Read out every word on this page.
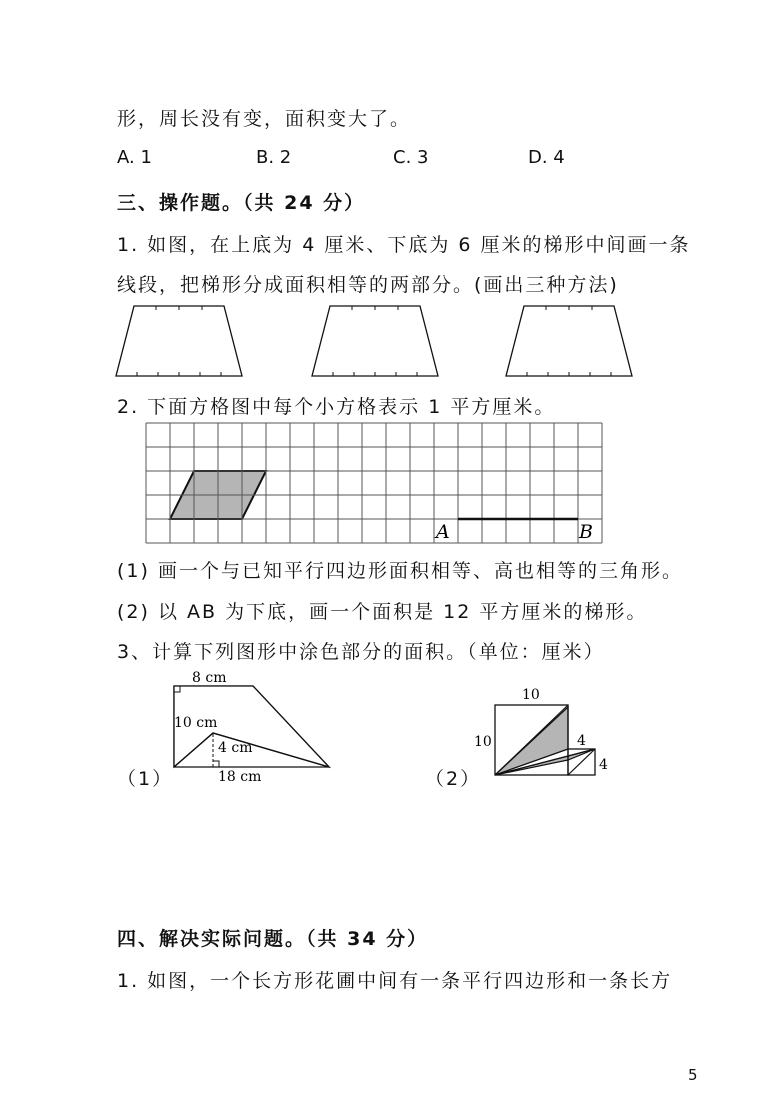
形，周长没有变，面积变大了。
A. 1	B. 2	C. 3	D. 4
三、操作题。（共 24 分）
1. 如图，在上底为 4 厘米、下底为 6 厘米的梯形中间画一条
线段，把梯形分成面积相等的两部分。(画出三种方法)
2. 下面方格图中每个小方格表示 1 平方厘米。
A	B
(1) 画一个与已知平行四边形面积相等、高也相等的三角形。
(2) 以 AB 为下底，画一个面积是 12 平方厘米的梯形。
3、计算下列图形中涂色部分的面积。（单位：厘米）
8 cm
10 cm
4 cm
18 cm
10
10	4
4
（1）	（2）
四、解决实际问题。（共 34 分）
1. 如图，一个长方形花圃中间有一条平行四边形和一条长方
5
